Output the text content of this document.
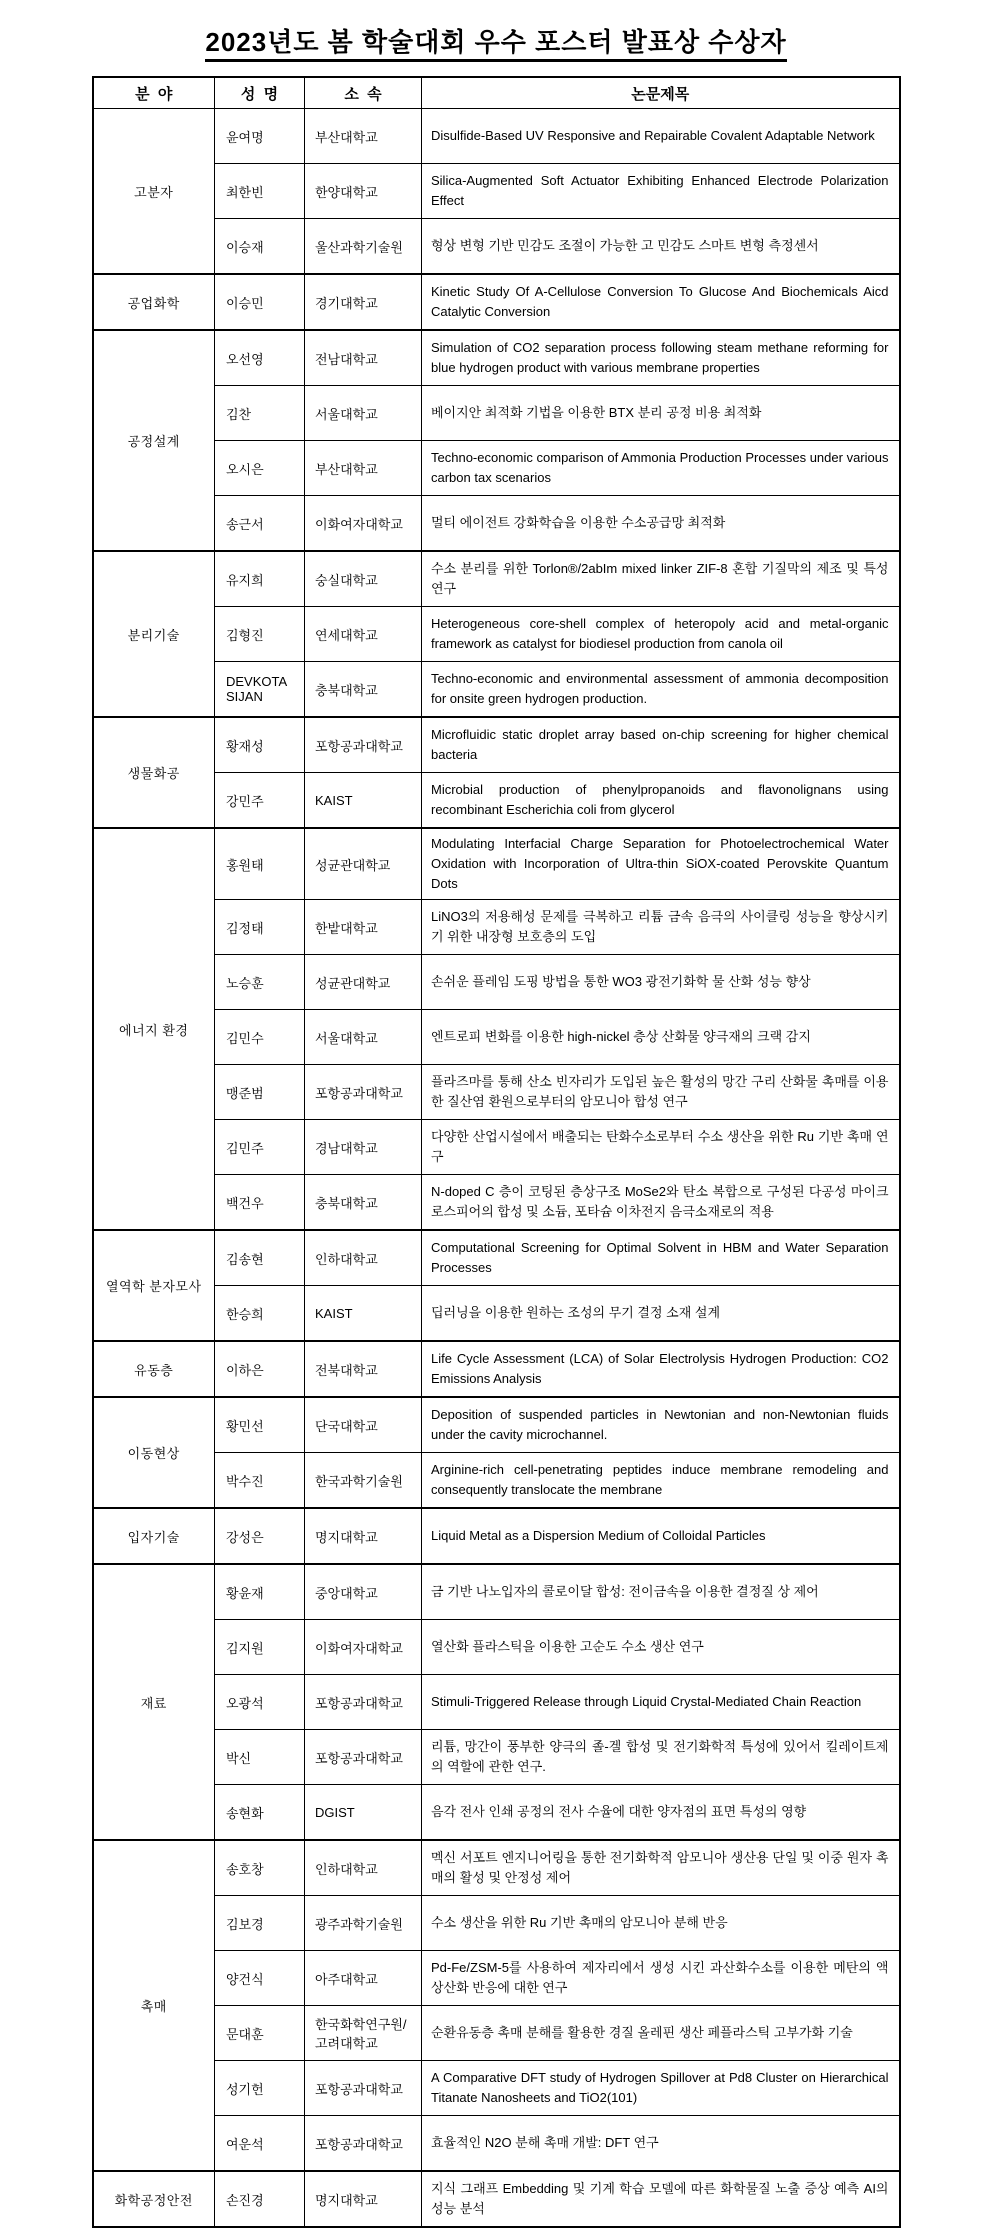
2023년도 봄 학술대회 우수 포스터 발표상 수상자
분  야	성  명	소  속	논문제목
고분자	윤여명	부산대학교	Disulfide-Based UV Responsive and Repairable Covalent Adaptable Network
	최한빈	한양대학교	Silica-Augmented Soft Actuator Exhibiting Enhanced Electrode Polarization Effect
	이승재	울산과학기술원	형상 변형 기반 민감도 조절이 가능한 고 민감도 스마트 변형 측정센서
공업화학	이승민	경기대학교	Kinetic Study Of A-Cellulose Conversion To Glucose And Biochemicals Aicd Catalytic Conversion
공정설계	오선영	전남대학교	Simulation of CO2 separation process following steam methane reforming for blue hydrogen product with various membrane properties
	김찬	서울대학교	베이지안 최적화 기법을 이용한 BTX 분리 공정 비용 최적화
	오시은	부산대학교	Techno-economic comparison of Ammonia Production Processes under various carbon tax scenarios
	송근서	이화여자대학교	멀티 에이전트 강화학습을 이용한 수소공급망 최적화
분리기술	유지희	숭실대학교	수소 분리를 위한 Torlon®/2abIm mixed linker ZIF-8 혼합 기질막의 제조 및 특성 연구
	김형진	연세대학교	Heterogeneous core-shell complex of heteropoly acid and metal-organic framework as catalyst for biodiesel production from canola oil
	DEVKOTA SIJAN	충북대학교	Techno-economic and environmental assessment of ammonia decomposition for onsite green hydrogen production.
생물화공	황재성	포항공과대학교	Microfluidic static droplet array based on-chip screening for higher chemical bacteria
	강민주	KAIST	Microbial production of phenylpropanoids and flavonolignans using recombinant Escherichia coli from glycerol
에너지 환경	홍원태	성균관대학교	Modulating Interfacial Charge Separation for Photoelectrochemical Water Oxidation with Incorporation of Ultra-thin SiOX-coated Perovskite Quantum Dots
	김정태	한밭대학교	LiNO3의 저용해성 문제를 극복하고 리튬 금속 음극의 사이클링 성능을 향상시키기 위한 내장형 보호층의 도입
	노승훈	성균관대학교	손쉬운 플레임 도핑 방법을 통한 WO3 광전기화학 물 산화 성능 향상
	김민수	서울대학교	엔트로피 변화를 이용한 high-nickel 층상 산화물 양극재의 크랙 감지
	맹준범	포항공과대학교	플라즈마를 통해 산소 빈자리가 도입된 높은 활성의 망간 구리 산화물 촉매를 이용한 질산염 환원으로부터의 암모니아 합성 연구
	김민주	경남대학교	다양한 산업시설에서 배출되는 탄화수소로부터 수소 생산을 위한 Ru 기반 촉매 연구
	백건우	충북대학교	N-doped C 층이 코팅된 층상구조 MoSe2와 탄소 복합으로 구성된 다공성 마이크로스피어의 합성 및 소듐, 포타슘 이차전지 음극소재로의 적용
열역학 분자모사	김송현	인하대학교	Computational Screening for Optimal Solvent in HBM and Water Separation Processes
	한승희	KAIST	딥러닝을 이용한 원하는 조성의 무기 결정 소재 설계
유동층	이하은	전북대학교	Life Cycle Assessment (LCA) of Solar Electrolysis Hydrogen Production: CO2 Emissions Analysis
이동현상	황민선	단국대학교	Deposition of suspended particles in Newtonian and non-Newtonian fluids under the cavity microchannel.
	박수진	한국과학기술원	Arginine-rich cell-penetrating peptides induce membrane remodeling and consequently translocate the membrane
입자기술	강성은	명지대학교	Liquid Metal as a Dispersion Medium of Colloidal Particles
재료	황윤재	중앙대학교	금 기반 나노입자의 콜로이달 합성: 전이금속을 이용한 결정질 상 제어
	김지원	이화여자대학교	열산화 플라스틱을 이용한 고순도 수소 생산 연구
	오광석	포항공과대학교	Stimuli-Triggered Release through Liquid Crystal-Mediated Chain Reaction
	박신	포항공과대학교	리튬, 망간이 풍부한 양극의 졸-겔 합성 및 전기화학적 특성에 있어서 킬레이트제의 역할에 관한 연구.
	송현화	DGIST	음각 전사 인쇄 공정의 전사 수율에 대한 양자점의 표면 특성의 영향
촉매	송호창	인하대학교	멕신 서포트 엔지니어링을 통한 전기화학적 암모니아 생산용 단일 및 이중 원자 촉매의 활성 및 안정성 제어
	김보경	광주과학기술원	수소 생산을 위한 Ru 기반 촉매의 암모니아 분해 반응
	양건식	아주대학교	Pd-Fe/ZSM-5를 사용하여 제자리에서 생성 시킨 과산화수소를 이용한 메탄의 액상산화 반응에 대한 연구
	문대훈	한국화학연구원/고려대학교	순환유동층 촉매 분해를 활용한 경질 올레핀 생산 페플라스틱 고부가화 기술
	성기헌	포항공과대학교	A Comparative DFT study of Hydrogen Spillover at Pd8 Cluster on Hierarchical Titanate Nanosheets and TiO2(101)
	여운석	포항공과대학교	효율적인 N2O 분해 촉매 개발: DFT 연구
화학공정안전	손진경	명지대학교	지식 그래프 Embedding 및 기계 학습 모델에 따른 화학물질 노출 증상 예측 AI의 성능 분석
